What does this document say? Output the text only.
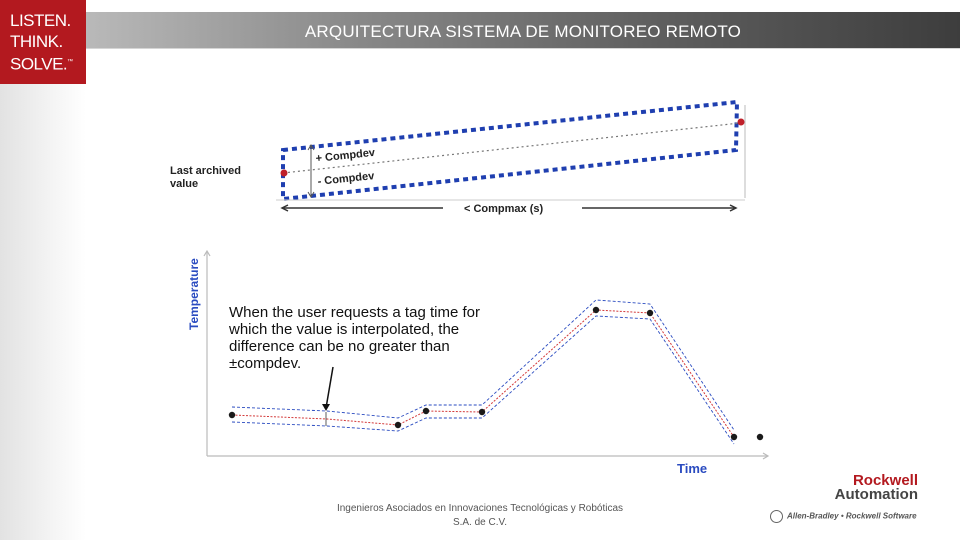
LISTEN.
THINK.
SOLVE.™
ARQUITECTURA SISTEMA DE MONITOREO REMOTO
Last archived
value
+ Compdev
- Compdev
< Compmax (s)
Temperature
Time
When the user requests a tag time for
which the value is interpolated, the
difference can be no greater than
±compdev.
Ingenieros Asociados en Innovaciones Tecnológicas y Robóticas
S.A. de C.V.
Rockwell
Automation
Allen-Bradley • Rockwell Software
